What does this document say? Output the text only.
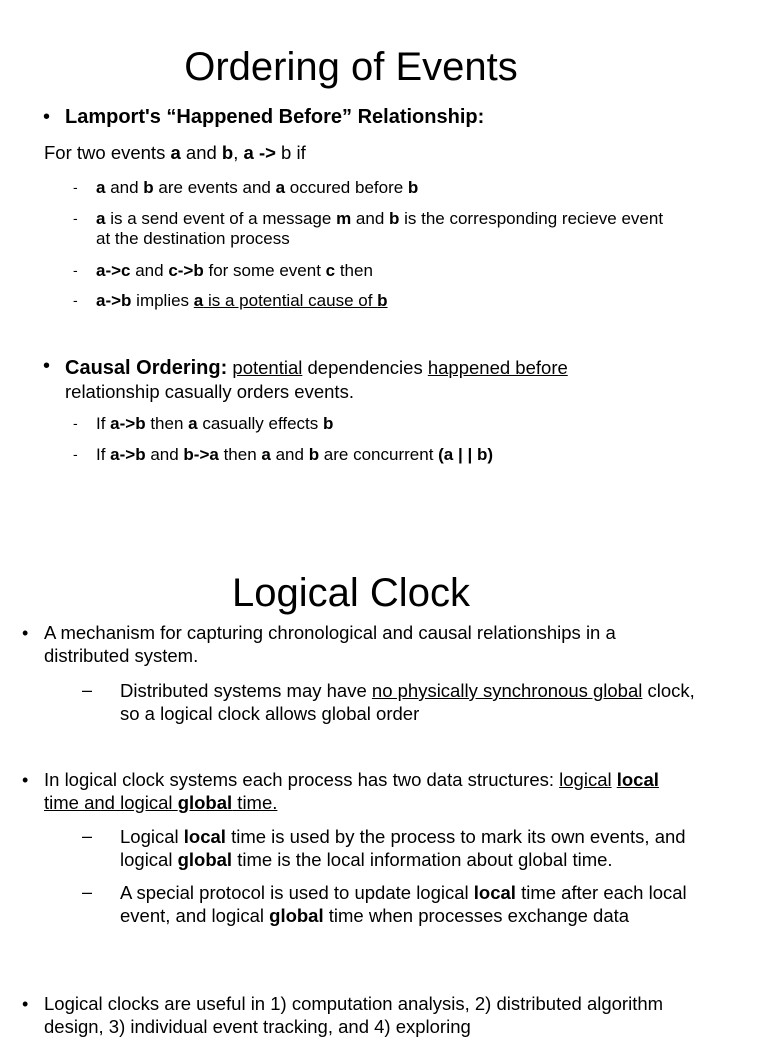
Ordering of Events
• Lamport's “Happened Before” Relationship:

For two events a and b, a -> b if

- a and b are events and a occured before b

- a is a send event of a message m and b is the corresponding recieve event at the destination process

- a->c and c->b for some event c then

- a->b implies a is a potential cause of b

• Causal Ordering: potential dependencies happened before
relationship casually orders events.

- If a->b then a casually effects b

- If a->b and b->a then a and b are concurrent (a | | b)

Logical Clock
• A mechanism for capturing chronological and causal relationships in a distributed system.

– Distributed systems may have no physically synchronous global clock, so a logical clock allows global order

• In logical clock systems each process has two data structures: logical local time and logical global time.

– Logical local time is used by the process to mark its own events, and logical global time is the local information about global time.

– A special protocol is used to update logical local time after each local event, and logical global time when processes exchange data

• Logical clocks are useful in 1) computation analysis, 2) distributed algorithm design, 3) individual event tracking, and 4) exploring
